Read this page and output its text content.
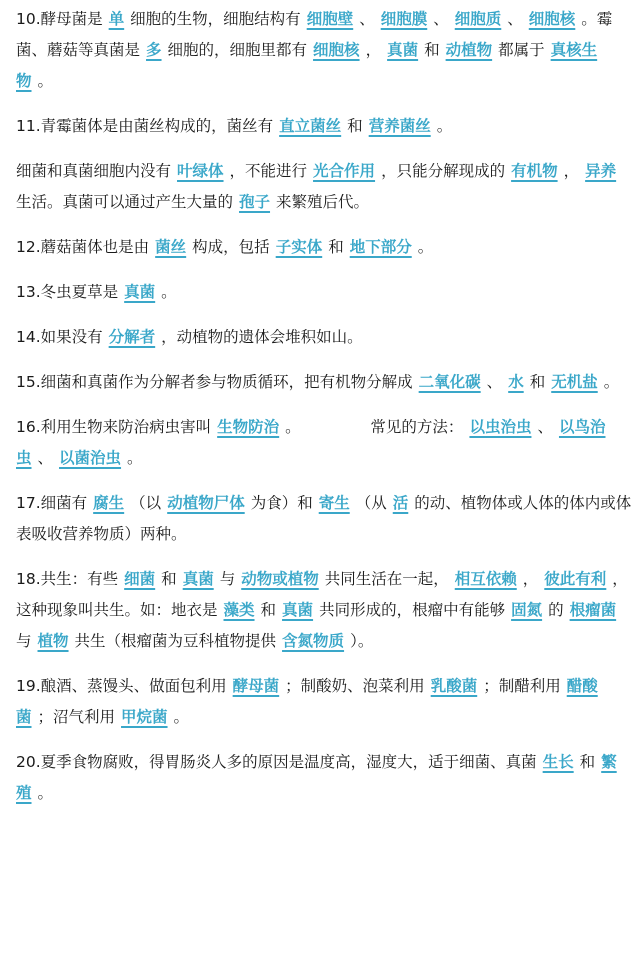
10.酵母菌是 单 细胞的生物，细胞结构有 细胞壁 、 细胞膜 、 细胞质 、 细胞核 。霉菌、蘑菇等真菌是 多 细胞的，细胞里都有 细胞核 ， 真菌 和 动植物 都属于 真核生物 。
11.青霉菌体是由菌丝构成的，菌丝有 直立菌丝 和 营养菌丝 。
细菌和真菌细胞内没有 叶绿体 ，不能进行 光合作用 ，只能分解现成的 有机物 ， 异养生活。真菌可以通过产生大量的 孢子 来繁殖后代。
12.蘑菇菌体也是由 菌丝 构成，包括 子实体 和 地下部分 。
13.冬虫夏草是 真菌 。
14.如果没有 分解者 ，动植物的遗体会堆积如山。
15.细菌和真菌作为分解者参与物质循环，把有机物分解成 二氧化碳 、 水 和 无机盐 。
16.利用生物来防治病虫害叫 生物防治 。　　　　　常见的方法： 以虫治虫 、 以鸟治虫 、 以菌治虫 。
17.细菌有 腐生 （以 动植物尸体 为食）和 寄生 （从 活 的动、植物体或人体的体内或体表吸收营养物质）两种。
18.共生：有些 细菌 和 真菌 与 动物或植物 共同生活在一起， 相互依赖 ， 彼此有利 ，这种现象叫共生。如：地衣是 藻类 和 真菌 共同形成的，根瘤中有能够 固氮 的 根瘤菌与 植物 共生（根瘤菌为豆科植物提供 含氮物质 ）。
19.酿酒、蒸馒头、做面包利用 酵母菌 ；制酸奶、泡菜利用 乳酸菌 ；制醋利用 醋酸菌 ；沼气利用 甲烷菌 。
20.夏季食物腐败，得胃肠炎人多的原因是温度高，湿度大，适于细菌、真菌 生长 和 繁殖 。
